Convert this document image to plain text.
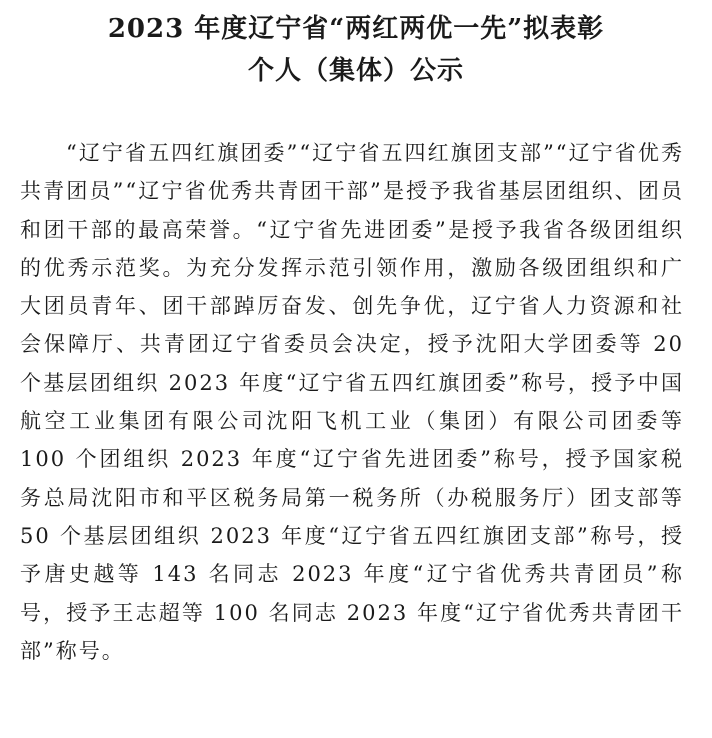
2023 年度辽宁省“两红两优一先”拟表彰
个人（集体）公示

“辽宁省五四红旗团委”“辽宁省五四红旗团支部”“辽宁省优秀共青团员”“辽宁省优秀共青团干部”是授予我省基层团组织、团员和团干部的最高荣誉。“辽宁省先进团委”是授予我省各级团组织的优秀示范奖。为充分发挥示范引领作用，激励各级团组织和广大团员青年、团干部踔厉奋发、创先争优，辽宁省人力资源和社会保障厅、共青团辽宁省委员会决定，授予沈阳大学团委等 20 个基层团组织 2023 年度“辽宁省五四红旗团委”称号，授予中国航空工业集团有限公司沈阳飞机工业（集团）有限公司团委等 100 个团组织 2023 年度“辽宁省先进团委”称号，授予国家税务总局沈阳市和平区税务局第一税务所（办税服务厅）团支部等 50 个基层团组织 2023 年度“辽宁省五四红旗团支部”称号，授予唐史越等 143 名同志 2023 年度“辽宁省优秀共青团员”称号，授予王志超等 100 名同志 2023 年度“辽宁省优秀共青团干部”称号。
